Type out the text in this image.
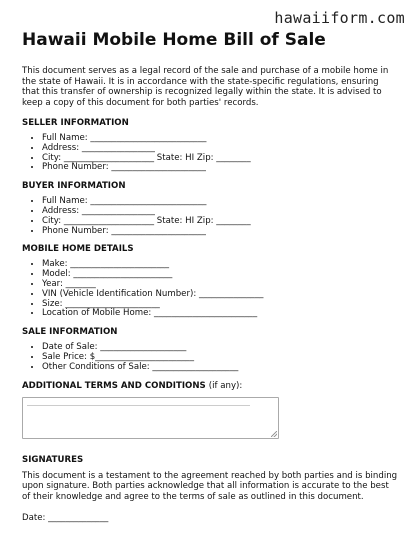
hawaiiform.com
Hawaii Mobile Home Bill of Sale

This document serves as a legal record of the sale and purchase of a mobile home in the state of Hawaii. It is in accordance with the state-specific regulations, ensuring that this transfer of ownership is recognized legally within the state. It is advised to keep a copy of this document for both parties' records.

SELLER INFORMATION
• Full Name: ___________________________
• Address: _________________
• City: _____________________ State: HI Zip: ________
• Phone Number: ______________________
BUYER INFORMATION
• Full Name: ___________________________
• Address: _________________
• City: _____________________ State: HI Zip: ________
• Phone Number: ______________________
MOBILE HOME DETAILS
• Make: _______________________
• Model: _______________________
• Year: _______
• VIN (Vehicle Identification Number): _______________
• Size: ______________________
• Location of Mobile Home: ________________________
SALE INFORMATION
• Date of Sale: ____________________
• Sale Price: $_______________________
• Other Conditions of Sale: ____________________
ADDITIONAL TERMS AND CONDITIONS (if any):
SIGNATURES

This document is a testament to the agreement reached by both parties and is binding upon signature. Both parties acknowledge that all information is accurate to the best of their knowledge and agree to the terms of sale as outlined in this document.

Date: ______________
